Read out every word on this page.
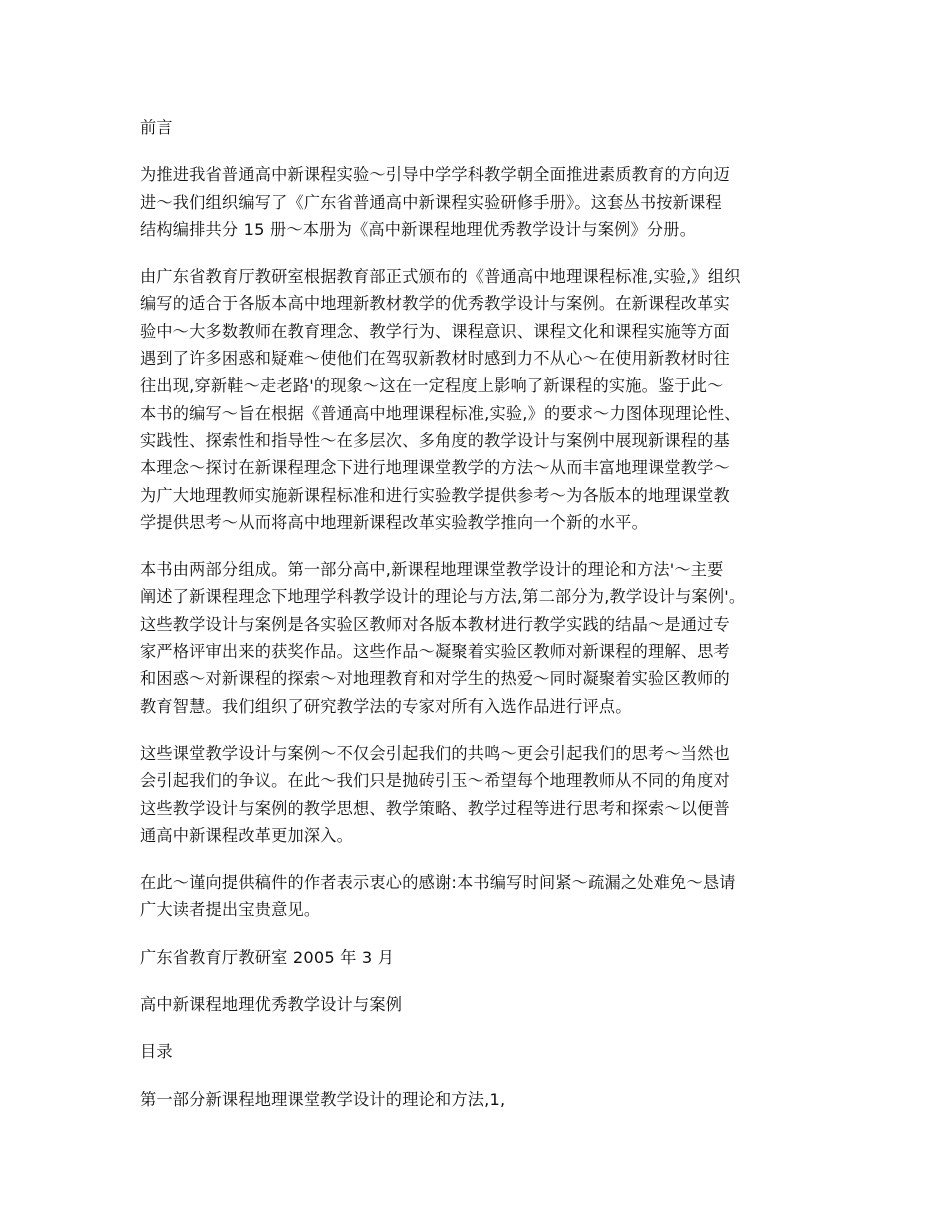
前言

为推进我省普通高中新课程实验～引导中学学科教学朝全面推进素质教育的方向迈
进～我们组织编写了《广东省普通高中新课程实验研修手册》。这套丛书按新课程
结构编排共分 15 册～本册为《高中新课程地理优秀教学设计与案例》分册。

由广东省教育厅教研室根据教育部正式颁布的《普通高中地理课程标准,实验,》组织
编写的适合于各版本高中地理新教材教学的优秀教学设计与案例。在新课程改革实
验中～大多数教师在教育理念、教学行为、课程意识、课程文化和课程实施等方面
遇到了许多困惑和疑难～使他们在驾驭新教材时感到力不从心～在使用新教材时往
往出现,穿新鞋～走老路'的现象～这在一定程度上影响了新课程的实施。鉴于此～
本书的编写～旨在根据《普通高中地理课程标准,实验,》的要求～力图体现理论性、
实践性、探索性和指导性～在多层次、多角度的教学设计与案例中展现新课程的基
本理念～探讨在新课程理念下进行地理课堂教学的方法～从而丰富地理课堂教学～
为广大地理教师实施新课程标准和进行实验教学提供参考～为各版本的地理课堂教
学提供思考～从而将高中地理新课程改革实验教学推向一个新的水平。

本书由两部分组成。第一部分高中,新课程地理课堂教学设计的理论和方法'～主要
阐述了新课程理念下地理学科教学设计的理论与方法,第二部分为,教学设计与案例'。
这些教学设计与案例是各实验区教师对各版本教材进行教学实践的结晶～是通过专
家严格评审出来的获奖作品。这些作品～凝聚着实验区教师对新课程的理解、思考
和困惑～对新课程的探索～对地理教育和对学生的热爱～同时凝聚着实验区教师的
教育智慧。我们组织了研究教学法的专家对所有入选作品进行评点。

这些课堂教学设计与案例～不仅会引起我们的共鸣～更会引起我们的思考～当然也
会引起我们的争议。在此～我们只是抛砖引玉～希望每个地理教师从不同的角度对
这些教学设计与案例的教学思想、教学策略、教学过程等进行思考和探索～以便普
通高中新课程改革更加深入。

在此～谨向提供稿件的作者表示衷心的感谢:本书编写时间紧～疏漏之处难免～恳请
广大读者提出宝贵意见。

广东省教育厅教研室 2005 年 3 月

高中新课程地理优秀教学设计与案例

目录

第一部分新课程地理课堂教学设计的理论和方法,1,
